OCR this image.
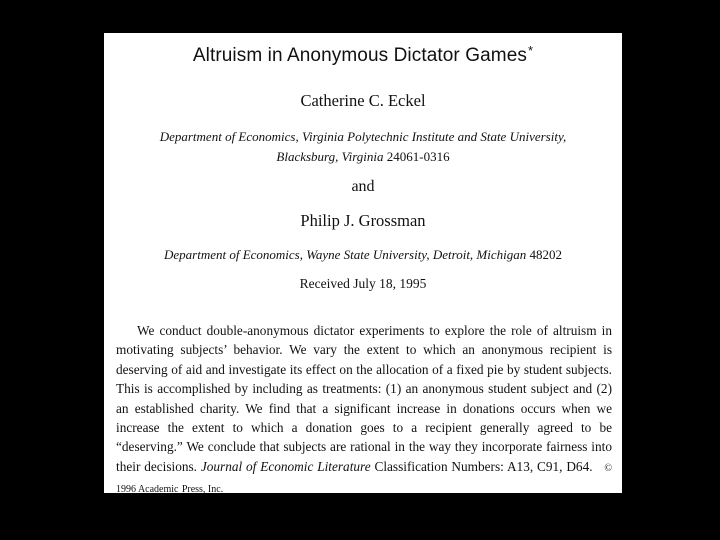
Altruism in Anonymous Dictator Games*
Catherine C. Eckel
Department of Economics, Virginia Polytechnic Institute and State University,
Blacksburg, Virginia 24061-0316
and
Philip J. Grossman
Department of Economics, Wayne State University, Detroit, Michigan 48202
Received July 18, 1995

We conduct double-anonymous dictator experiments to explore the role of altruism in motivating subjects’ behavior. We vary the extent to which an anonymous recipient is deserving of aid and investigate its effect on the allocation of a fixed pie by student subjects. This is accomplished by including as treatments: (1) an anonymous student subject and (2) an established charity. We find that a significant increase in donations occurs when we increase the extent to which a donation goes to a recipient generally agreed to be “deserving.” We conclude that subjects are rational in the way they incorporate fairness into their decisions. Journal of Economic Literature Classification Numbers: A13, C91, D64. © 1996 Academic Press, Inc.
